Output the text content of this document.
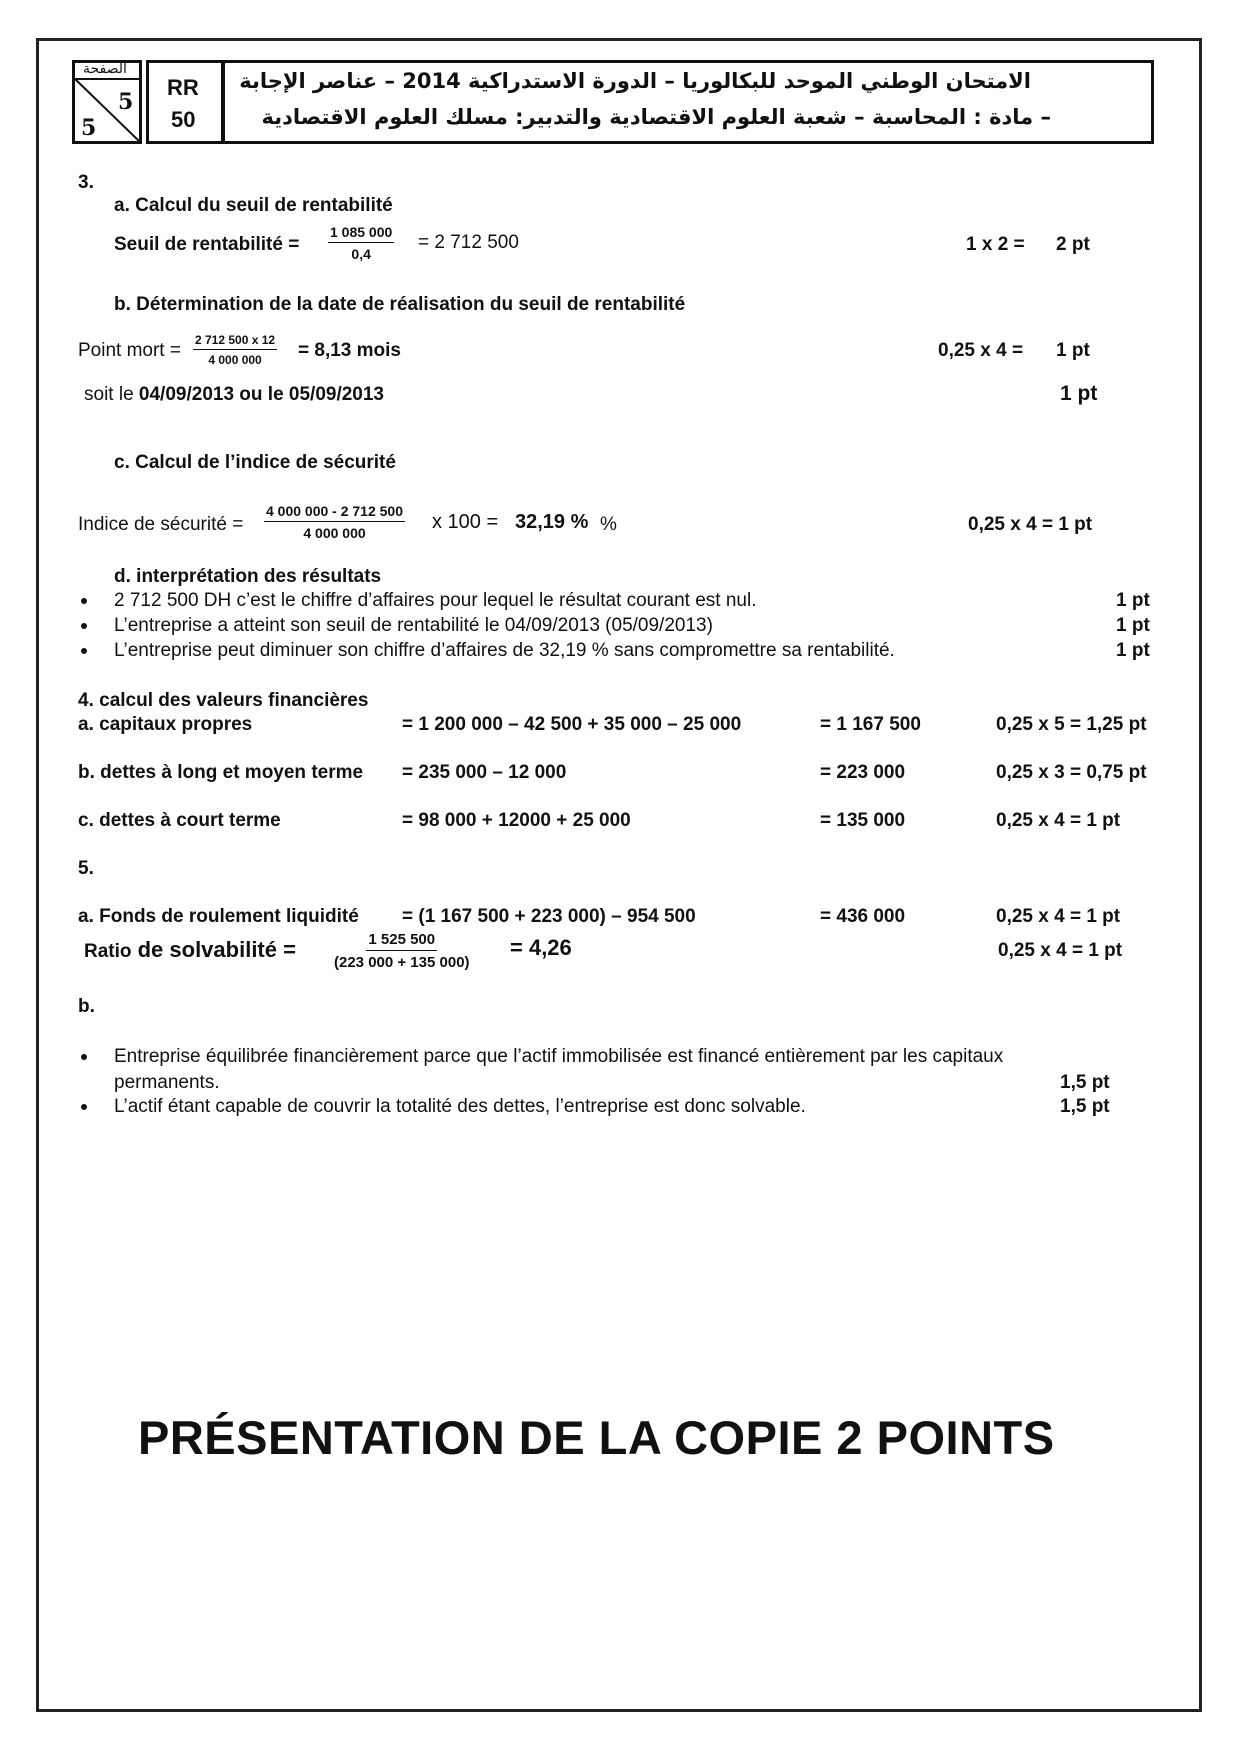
الصفحة
5
5
RR
50
الامتحان الوطني الموحد للبكالوريا – الدورة الاستدراكية 2014 – عناصر الإجابة
– مادة : المحاسبة – شعبة العلوم الاقتصادية والتدبير: مسلك العلوم الاقتصادية
3.
a. Calcul du seuil de rentabilité
Seuil de rentabilité = $\frac{1 085 000}{0,4} = 2$ 712 500	1 x 2 = 2 pt
b. Détermination de la date de réalisation du seuil de rentabilité
Point mort = $\frac{2 712 500 x 12}{4 000 000} = 8,13$ mois	0,25 x 4 = 1 pt
soit le 04/09/2013 ou le 05/09/2013	1 pt
c. Calcul de l’indice de sécurité
Indice de sécurité = $\frac{4 000 000 - 2 712 500}{4 000 000}$ x 100 = 32,19 % %	0,25 x 4 = 1 pt
d. interprétation des résultats
2 712 500 DH c’est le chiffre d’affaires pour lequel le résultat courant est nul.	1 pt
L’entreprise a atteint son seuil de rentabilité le 04/09/2013 (05/09/2013)	1 pt
L’entreprise peut diminuer son chiffre d’affaires de 32,19 % sans compromettre sa rentabilité.	1 pt
4. calcul des valeurs financières
a. capitaux propres	= 1 200 000 – 42 500 + 35 000 – 25 000	= 1 167 500	0,25 x 5 = 1,25 pt
b. dettes à long et moyen terme = 235 000 – 12 000	= 223 000	0,25 x 3 = 0,75 pt
c. dettes à court terme	= 98 000 + 12000 + 25 000	= 135 000	0,25 x 4 = 1 pt
5.
a. Fonds de roulement liquidité = (1 167 500 + 223 000) – 954 500	= 436 000	0,25 x 4 = 1 pt
Ratio de solvabilité =	$\frac{1 525 500}{(223 000 + 135 000)} = 4,26$	0,25 x 4 = 1 pt
b.
Entreprise équilibrée financièrement parce que l’actif immobilisée est financé entièrement par les capitaux
permanents.	1,5 pt
L’actif étant capable de couvrir la totalité des dettes, l’entreprise est donc solvable.	1,5 pt
PRÉSENTATION DE LA COPIE 2 POINTS
